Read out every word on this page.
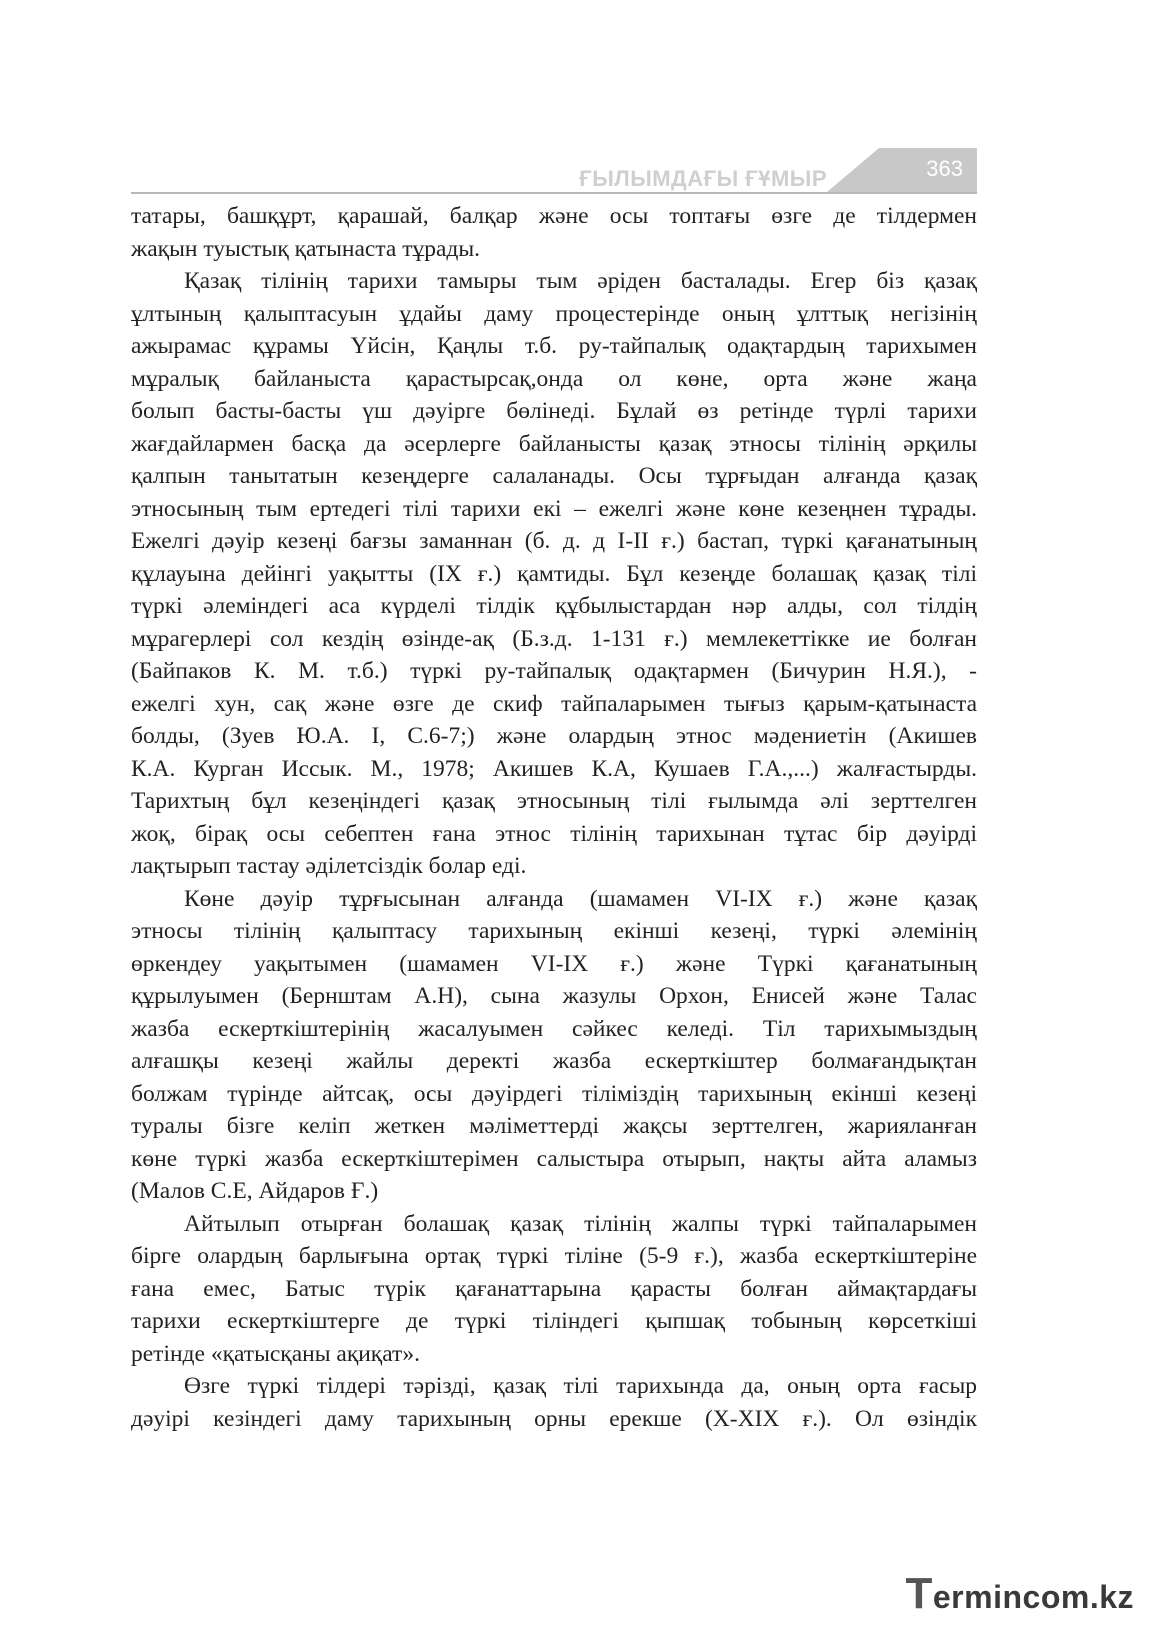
ҒЫЛЫМДАҒЫ ҒҰМЫР	363
татары, башқұрт, қарашай, балқар және осы топтағы өзге де тілдермен
жақын туыстық қатынаста тұрады.
Қазақ тілінің тарихи тамыры тым әріден басталады. Егер біз қазақ
ұлтының қалыптасуын ұдайы даму процестерінде оның ұлттық негізінің
ажырамас құрамы Үйсін, Қаңлы т.б. ру-тайпалық одақтардың тарихымен
мұралық байланыста қарастырсақ,онда ол көне, орта және жаңа
болып басты-басты үш дәуірге бөлінеді. Бұлай өз ретінде түрлі тарихи
жағдайлармен басқа да әсерлерге байланысты қазақ этносы тілінің әрқилы
қалпын танытатын кезеңдерге салаланады. Осы тұрғыдан алғанда қазақ
этносының тым ертедегі тілі тарихи екі – ежелгі және көне кезеңнен тұрады.
Ежелгі дәуір кезеңі бағзы заманнан (б. д. д І-ІІ ғ.) бастап, түркі қағанатының
құлауына дейінгі уақытты (ІХ ғ.) қамтиды. Бұл кезеңде болашақ қазақ тілі
түркі әлеміндегі аса күрделі тілдік құбылыстардан нәр алды, сол тілдің
мұрагерлері сол кездің өзінде-ақ (Б.з.д. 1-131 ғ.) мемлекеттікке ие болған
(Байпаков К. М. т.б.) түркі ру-тайпалық одақтармен (Бичурин Н.Я.), -
ежелгі хун, сақ және өзге де скиф тайпаларымен тығыз қарым-қатынаста
болды, (Зуев Ю.А. І, С.6-7;) және олардың этнос мәдениетін (Акишев
К.А. Курган Иссык. М., 1978; Акишев К.А, Кушаев Г.А.,...) жалғастырды.
Тарихтың бұл кезеңіндегі қазақ этносының тілі ғылымда әлі зерттелген
жоқ, бірақ осы себептен ғана этнос тілінің тарихынан тұтас бір дәуірді
лақтырып тастау әділетсіздік болар еді.
Көне дәуір тұрғысынан алғанда (шамамен VI-IX ғ.) және қазақ
этносы тілінің қалыптасу тарихының екінші кезеңі, түркі әлемінің
өркендеу уақытымен (шамамен VI-IX ғ.) және Түркі қағанатының
құрылуымен (Бернштам А.Н), сына жазулы Орхон, Енисей және Талас
жазба ескерткіштерінің жасалуымен сәйкес келеді. Тіл тарихымыздың
алғашқы кезеңі жайлы деректі жазба ескерткіштер болмағандықтан
болжам түрінде айтсақ, осы дәуірдегі тіліміздің тарихының екінші кезеңі
туралы бізге келіп жеткен мәліметтерді жақсы зерттелген, жарияланған
көне түркі жазба ескерткіштерімен салыстыра отырып, нақты айта аламыз
(Малов С.Е, Айдаров Ғ.)
Айтылып отырған болашақ қазақ тілінің жалпы түркі тайпаларымен
бірге олардың барлығына ортақ түркі тіліне (5-9 ғ.), жазба ескерткіштеріне
ғана емес, Батыс түрік қағанаттарына қарасты болған аймақтардағы
тарихи ескерткіштерге де түркі тіліндегі қыпшақ тобының көрсеткіші
ретінде «қатысқаны ақиқат».
Өзге түркі тілдері тәрізді, қазақ тілі тарихында да, оның орта ғасыр
дәуірі кезіндегі даму тарихының орны ерекше (X-XIX ғ.). Ол өзіндік
Termincom.kz
